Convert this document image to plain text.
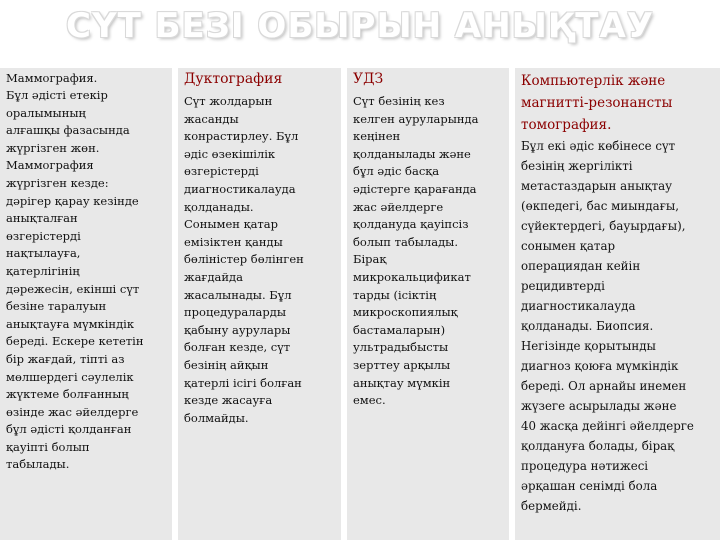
СҮТ БЕЗІ ОБЫРЫН АНЫҚТАУ
Маммография.
Бұл әдісті етекір
оралымының
алғашқы фазасында
жүргізген жөн.
Маммография
жүргізген кезде:
дәрігер қарау кезінде
анықталған
өзгерістерді
нақтылауға,
қатерлігінің
дәрежесін, екінші сүт
безіне таралуын
анықтауға мүмкіндік
береді. Ескере кететін
бір жағдай, тіпті аз
мөлшердегі сәулелік
жүктеме болғанның
өзінде жас әйелдерге
бұл әдісті қолданған
қауіпті болып
табылады.
Дуктография
Сүт жолдарын
жасанды
конрастирлеу. Бұл
әдіс өзекішілік
өзгерістерді
диагностикалауда
қолданады.
Сонымен қатар
емізіктен қанды
бөлiністер бөлінген
жағдайда
жасалынады. Бұл
процедураларды
қабыну аурулары
болған кезде, сүт
безінің айқын
қатерлі ісігі болған
кезде жасауға
болмайды.
УДЗ
Сүт безінің кез
келген ауруларында
кеңінен
қолданылады және
бұл әдіс басқа
әдістерге қарағанда
жас әйелдерге
қолдануда қауіпсіз
болып табылады.
Бірақ
микрокальцификат
тарды (ісіктің
микроскопиялық
бастамаларын)
ультрадыбысты
зерттеу арқылы
анықтау мүмкін
емес.
Компьютерлік және
магнитті-резонансты
томография.
Бұл екі әдіс көбінесе сүт
безінің жергілікті
метастаздарын анықтау
(өкпедегі, бас миындағы,
сүйектердегі, бауырдағы),
сонымен қатар
операциядан кейін
рецидивтерді
диагностикалауда
қолданады. Биопсия.
Негізінде қорытынды
диагноз қоюға мүмкіндік
береді. Ол арнайы инемен
жүзеге асырылады және
40 жасқа дейінгі әйелдерге
қолдануға болады, бірақ
процедура нәтижесі
әрқашан сенімді бола
бермейді.
